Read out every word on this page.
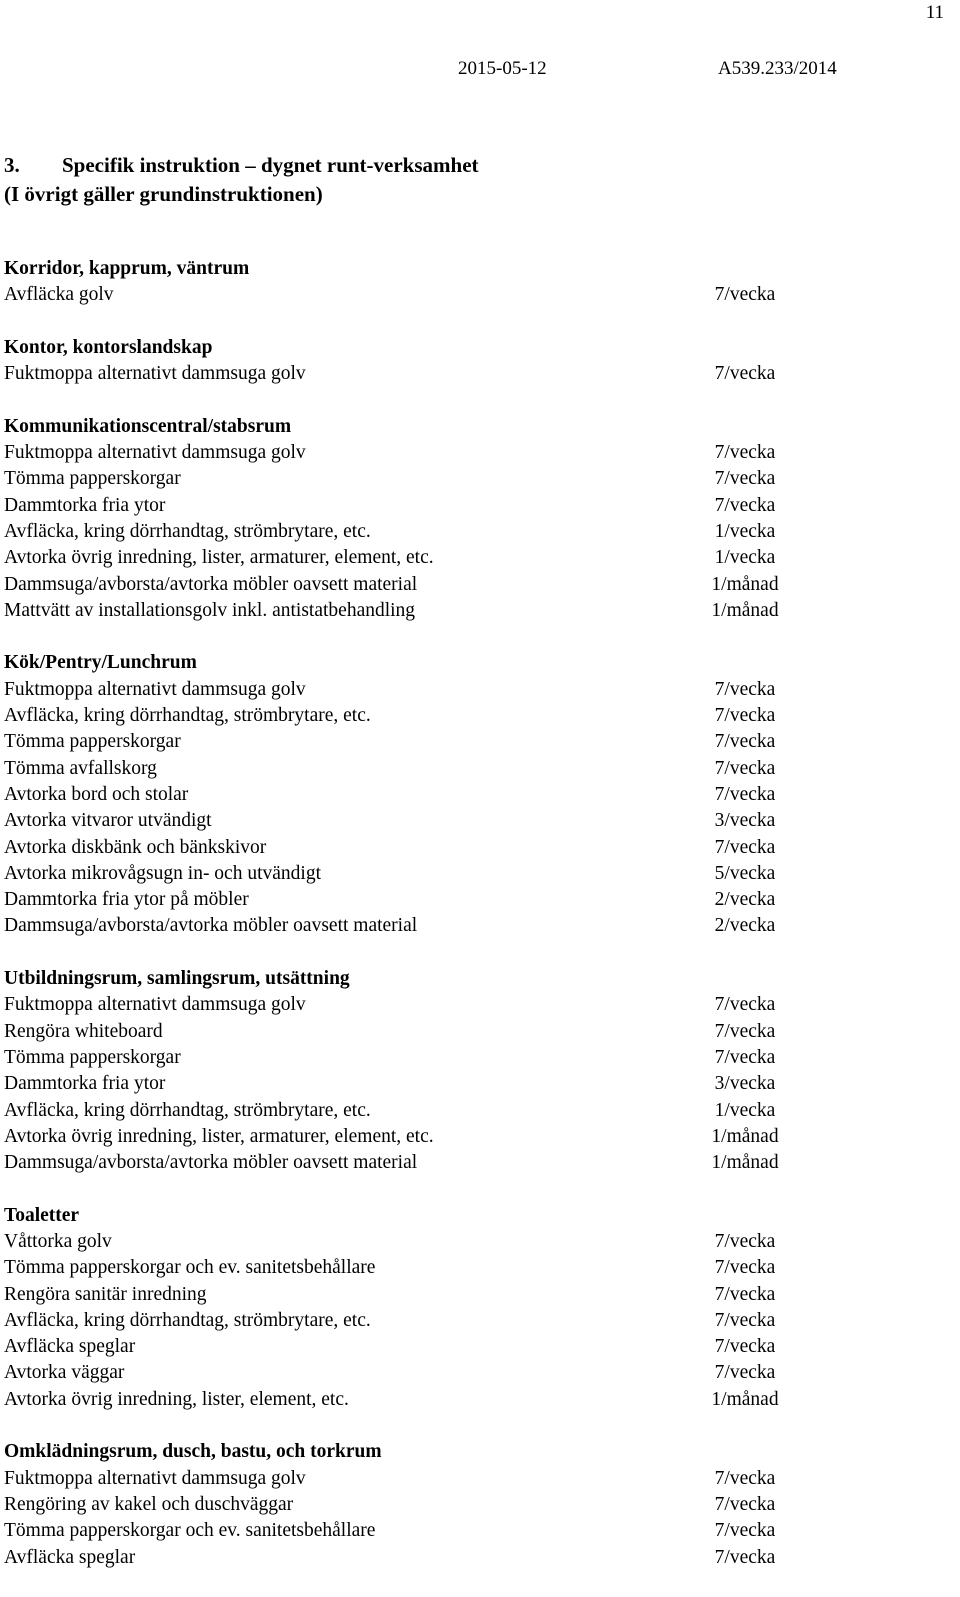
11
2015-05-12	A539.233/2014
3.	Specifik instruktion – dygnet runt-verksamhet
(I övrigt gäller grundinstruktionen)
Korridor, kapprum, väntrum
Avfläcka golv	7/vecka
Kontor, kontorslandskap
Fuktmoppa alternativt dammsuga golv	7/vecka
Kommunikationscentral/stabsrum
Fuktmoppa alternativt dammsuga golv	7/vecka
Tömma papperskorgar	7/vecka
Dammtorka fria ytor	7/vecka
Avfläcka, kring dörrhandtag, strömbrytare, etc.	1/vecka
Avtorka övrig inredning, lister, armaturer, element, etc.	1/vecka
Dammsuga/avborsta/avtorka möbler oavsett material	1/månad
Mattvätt av installationsgolv inkl. antistatbehandling	1/månad
Kök/Pentry/Lunchrum
Fuktmoppa alternativt dammsuga golv	7/vecka
Avfläcka, kring dörrhandtag, strömbrytare, etc.	7/vecka
Tömma papperskorgar	7/vecka
Tömma avfallskorg	7/vecka
Avtorka bord och stolar	7/vecka
Avtorka vitvaror utvändigt	3/vecka
Avtorka diskbänk och bänkskivor	7/vecka
Avtorka mikrovågsugn in- och utvändigt	5/vecka
Dammtorka fria ytor på möbler	2/vecka
Dammsuga/avborsta/avtorka möbler oavsett material	2/vecka
Utbildningsrum, samlingsrum, utsättning
Fuktmoppa alternativt dammsuga golv	7/vecka
Rengöra whiteboard	7/vecka
Tömma papperskorgar	7/vecka
Dammtorka fria ytor	3/vecka
Avfläcka, kring dörrhandtag, strömbrytare, etc.	1/vecka
Avtorka övrig inredning, lister, armaturer, element, etc.	1/månad
Dammsuga/avborsta/avtorka möbler oavsett material	1/månad
Toaletter
Våttorka golv	7/vecka
Tömma papperskorgar och ev. sanitetsbehållare	7/vecka
Rengöra sanitär inredning	7/vecka
Avfläcka, kring dörrhandtag, strömbrytare, etc.	7/vecka
Avfläcka speglar	7/vecka
Avtorka väggar	7/vecka
Avtorka övrig inredning, lister, element, etc.	1/månad
Omklädningsrum, dusch, bastu, och torkrum
Fuktmoppa alternativt dammsuga golv	7/vecka
Rengöring av kakel och duschväggar	7/vecka
Tömma papperskorgar och ev. sanitetsbehållare	7/vecka
Avfläcka speglar	7/vecka
